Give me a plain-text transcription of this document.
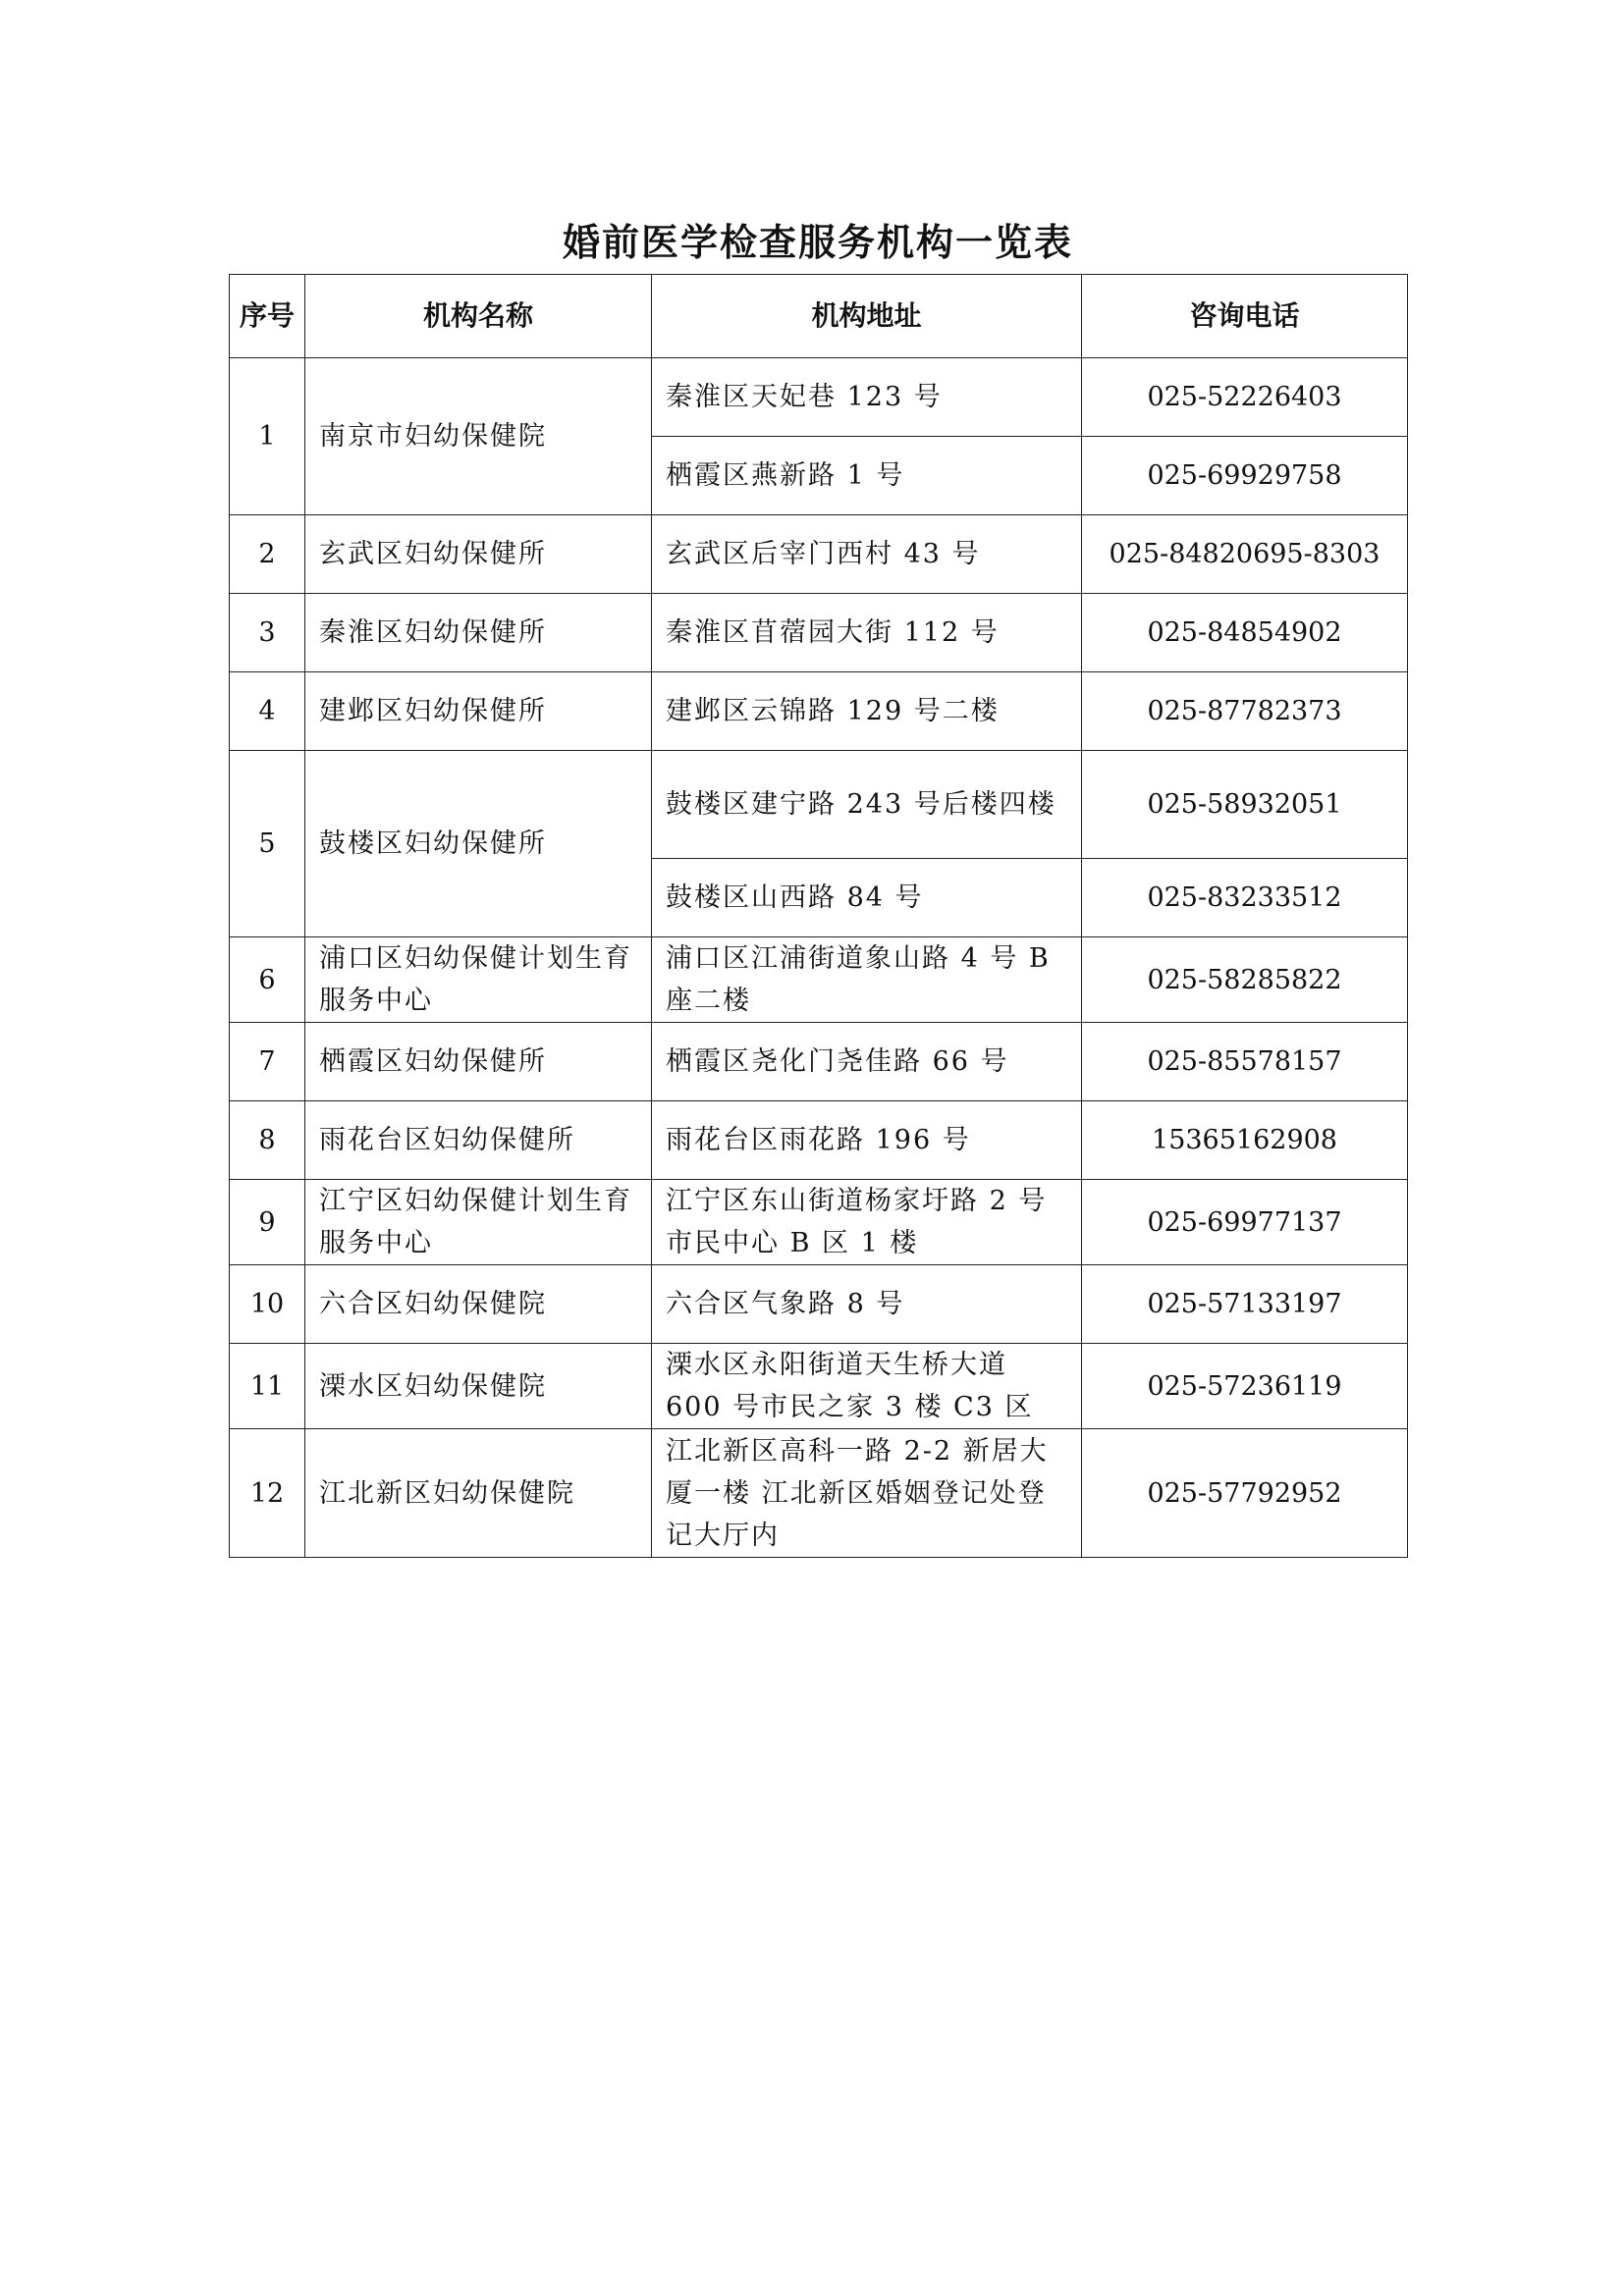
婚前医学检查服务机构一览表
序号	机构名称	机构地址	咨询电话
1	南京市妇幼保健院	秦淮区天妃巷 123 号	025-52226403
		栖霞区燕新路 1 号	025-69929758
2	玄武区妇幼保健所	玄武区后宰门西村 43 号	025-84820695-8303
3	秦淮区妇幼保健所	秦淮区苜蓿园大街 112 号	025-84854902
4	建邺区妇幼保健所	建邺区云锦路 129 号二楼	025-87782373
5	鼓楼区妇幼保健所	鼓楼区建宁路 243 号后楼四楼	025-58932051
		鼓楼区山西路 84 号	025-83233512
6	浦口区妇幼保健计划生育服务中心	浦口区江浦街道象山路 4 号 B 座二楼	025-58285822
7	栖霞区妇幼保健所	栖霞区尧化门尧佳路 66 号	025-85578157
8	雨花台区妇幼保健所	雨花台区雨花路 196 号	15365162908
9	江宁区妇幼保健计划生育服务中心	江宁区东山街道杨家圩路 2 号市民中心 B 区 1 楼	025-69977137
10	六合区妇幼保健院	六合区气象路 8 号	025-57133197
11	溧水区妇幼保健院	溧水区永阳街道天生桥大道 600 号市民之家 3 楼 C3 区	025-57236119
12	江北新区妇幼保健院	江北新区高科一路 2-2 新居大厦一楼 江北新区婚姻登记处登记大厅内	025-57792952
